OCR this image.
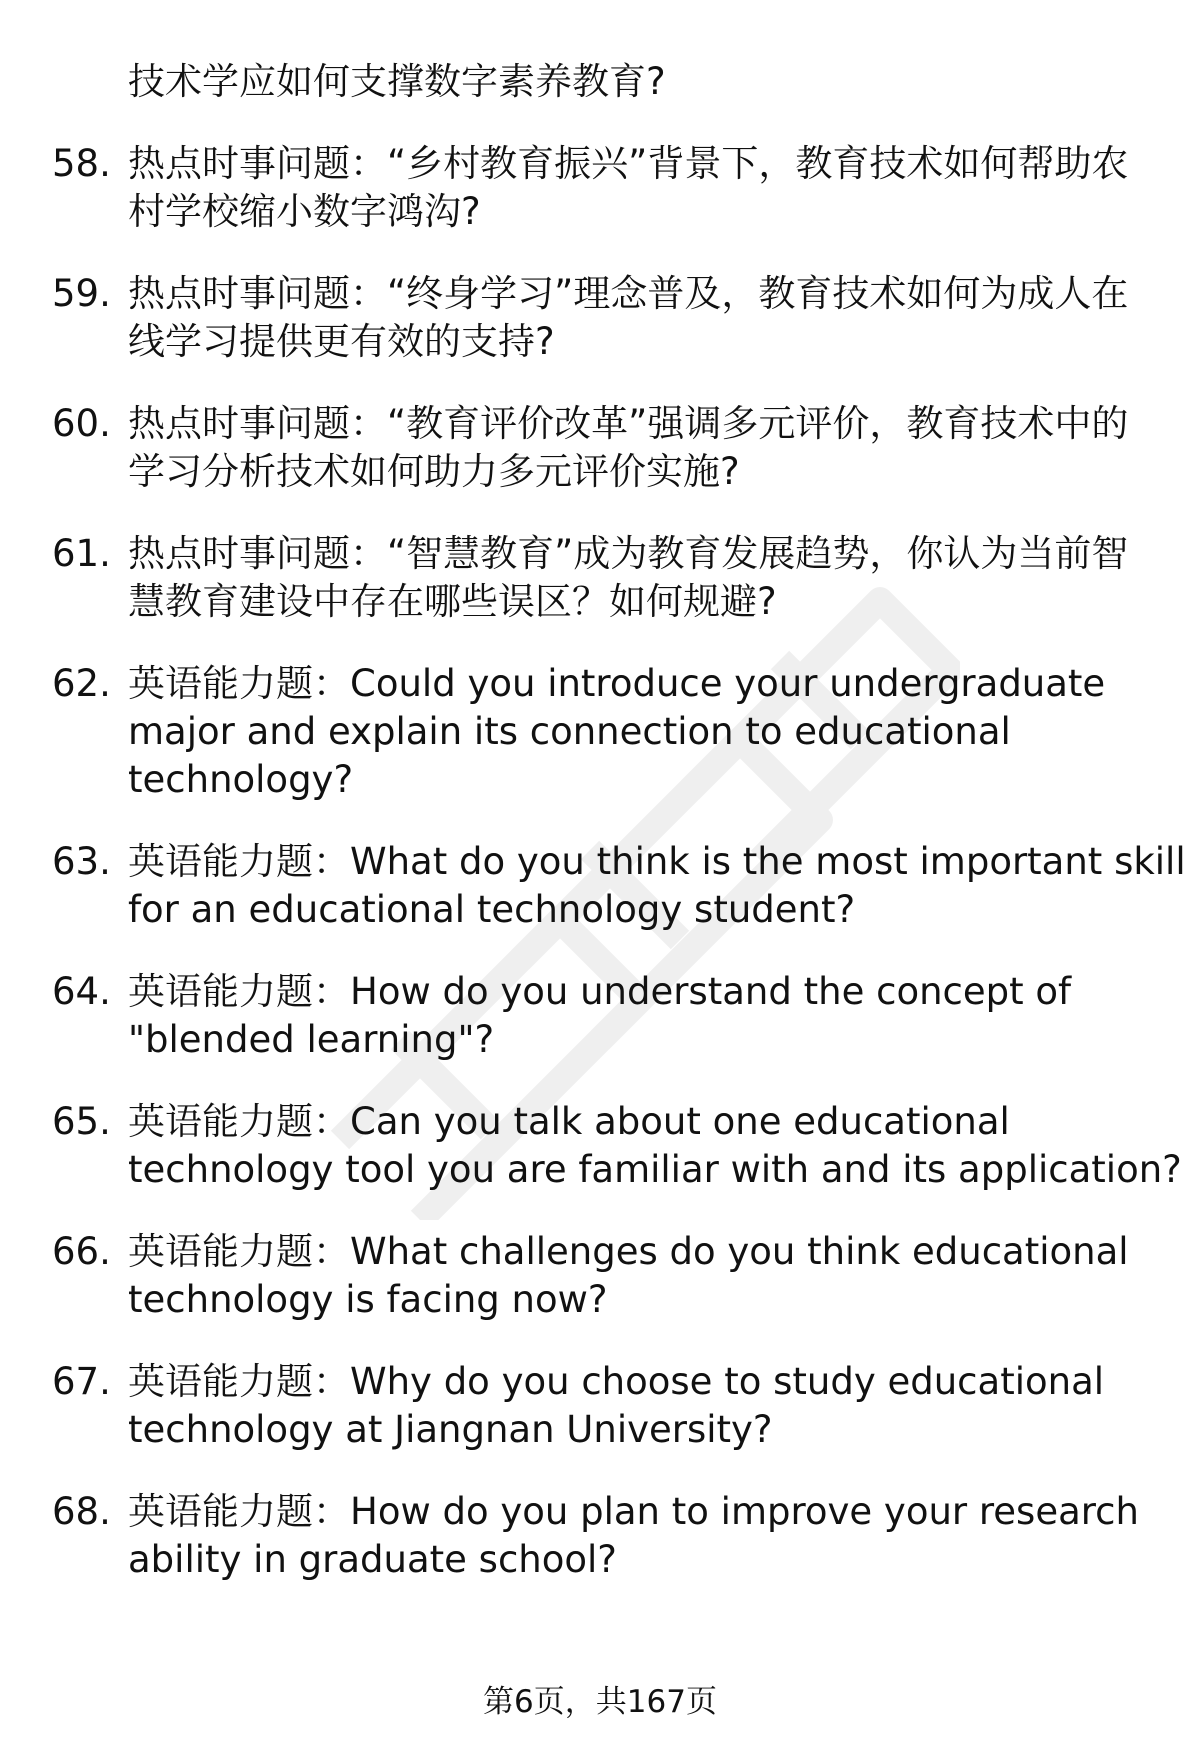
技术学应如何支撑数字素养教育?
58. 热点时事问题：“乡村教育振兴”背景下，教育技术如何帮助农
村学校缩小数字鸿沟?
59. 热点时事问题：“终身学习”理念普及，教育技术如何为成人在
线学习提供更有效的支持?
60. 热点时事问题：“教育评价改革”强调多元评价，教育技术中的
学习分析技术如何助力多元评价实施?
61. 热点时事问题：“智慧教育”成为教育发展趋势，你认为当前智
慧教育建设中存在哪些误区？如何规避?
62. 英语能力题：Could you introduce your undergraduate
major and explain its connection to educational
technology?
63. 英语能力题：What do you think is the most important skill
for an educational technology student?
64. 英语能力题：How do you understand the concept of
"blended learning"?
65. 英语能力题：Can you talk about one educational
technology tool you are familiar with and its application?
66. 英语能力题：What challenges do you think educational
technology is facing now?
67. 英语能力题：Why do you choose to study educational
technology at Jiangnan University?
68. 英语能力题：How do you plan to improve your research
ability in graduate school?
第6页，共167页
